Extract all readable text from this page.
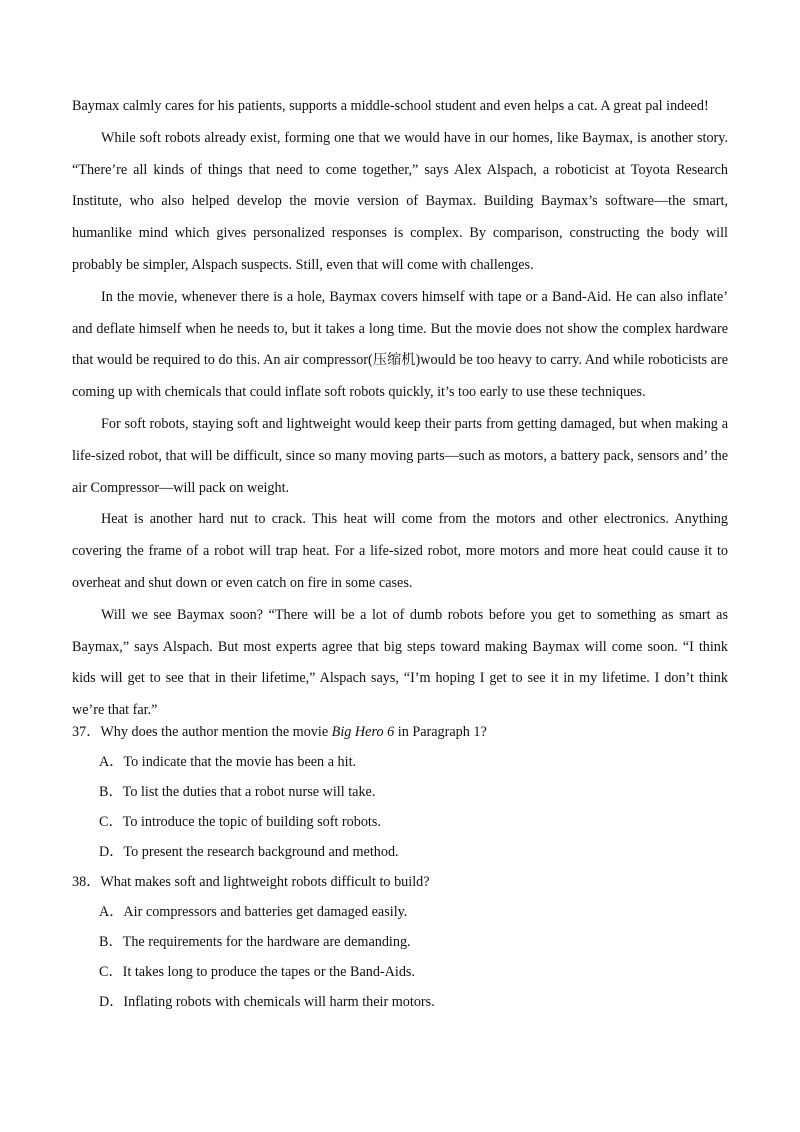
Baymax calmly cares for his patients, supports a middle-school student and even helps a cat. A great pal indeed!

While soft robots already exist, forming one that we would have in our homes, like Baymax, is another story. “There’re all kinds of things that need to come together,” says Alex Alspach, a roboticist at Toyota Research Institute, who also helped develop the movie version of Baymax. Building Baymax’s software—the smart, humanlike mind which gives personalized responses is complex. By comparison, constructing the body will probably be simpler, Alspach suspects. Still, even that will come with challenges.

In the movie, whenever there is a hole, Baymax covers himself with tape or a Band-Aid. He can also inflate’ and deflate himself when he needs to, but it takes a long time. But the movie does not show the complex hardware that would be required to do this. An air compressor(压缩机)would be too heavy to carry. And while roboticists are coming up with chemicals that could inflate soft robots quickly, it’s too early to use these techniques.

For soft robots, staying soft and lightweight would keep their parts from getting damaged, but when making a life-sized robot, that will be difficult, since so many moving parts—such as motors, a battery pack, sensors and’ the air Compressor—will pack on weight.

Heat is another hard nut to crack. This heat will come from the motors and other electronics. Anything covering the frame of a robot will trap heat. For a life-sized robot, more motors and more heat could cause it to overheat and shut down or even catch on fire in some cases.

Will we see Baymax soon? “There will be a lot of dumb robots before you get to something as smart as Baymax,” says Alspach. But most experts agree that big steps toward making Baymax will come soon. “I think kids will get to see that in their lifetime,” Alspach says, “I’m hoping I get to see it in my lifetime. I don’t think we’re that far.”

37．Why does the author mention the movie Big Hero 6 in Paragraph 1?

A．To indicate that the movie has been a hit.

B．To list the duties that a robot nurse will take.

C．To introduce the topic of building soft robots.

D．To present the research background and method.

38．What makes soft and lightweight robots difficult to build?

A．Air compressors and batteries get damaged easily.

B．The requirements for the hardware are demanding.

C．It takes long to produce the tapes or the Band-Aids.

D．Inflating robots with chemicals will harm their motors.
